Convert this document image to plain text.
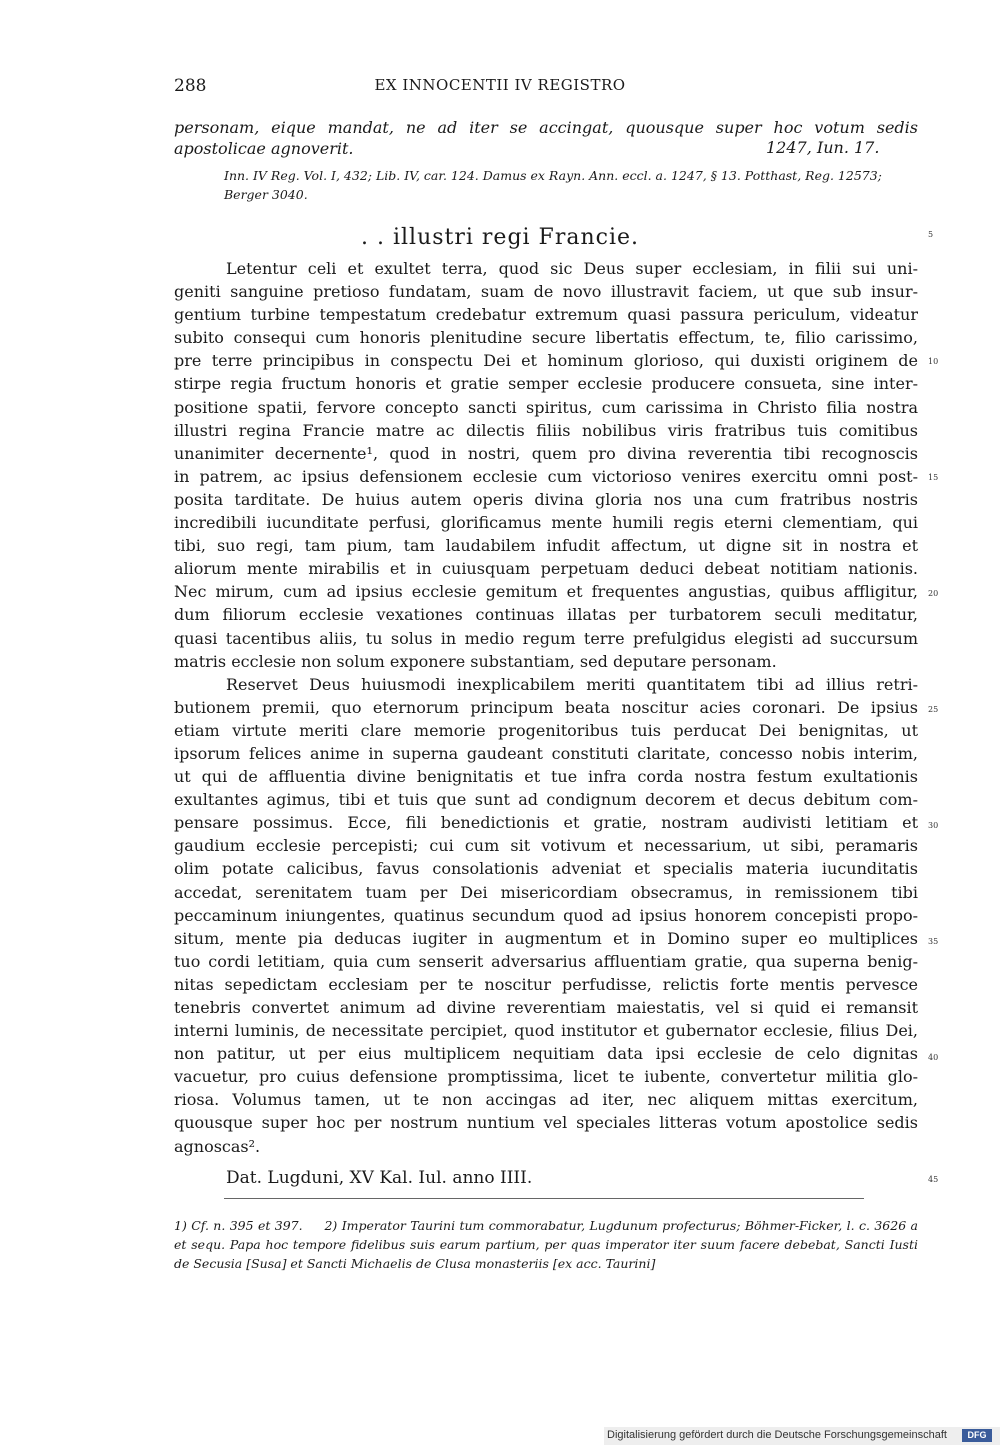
288	EX INNOCENTII IV REGISTRO
personam, eique mandat, ne ad iter se accingat, quousque super hoc votum sedis apostolicae agnoverit.	1247, Iun. 17.
Inn. IV Reg. Vol. I, 432; Lib. IV, car. 124. Damus ex Rayn. Ann. eccl. a. 1247, § 13. Potthast, Reg. 12573; Berger 3040.
. . illustri regi Francie.
Letentur celi et exultet terra, quod sic Deus super ecclesiam, in filii sui uni-
geniti sanguine pretioso fundatam, suam de novo illustravit faciem, ut que sub insur-
gentium turbine tempestatum credebatur extremum quasi passura periculum, videatur
subito consequi cum honoris plenitudine secure libertatis effectum, te, filio carissimo,
pre terre principibus in conspectu Dei et hominum glorioso, qui duxisti originem de
stirpe regia fructum honoris et gratie semper ecclesie producere consueta, sine inter-
positione spatii, fervore concepto sancti spiritus, cum carissima in Christo filia nostra
illustri regina Francie matre ac dilectis filiis nobilibus viris fratribus tuis comitibus
unanimiter decernente¹, quod in nostri, quem pro divina reverentia tibi recognoscis
in patrem, ac ipsius defensionem ecclesie cum victorioso venires exercitu omni post-
posita tarditate. De huius autem operis divina gloria nos una cum fratribus nostris
incredibili iucunditate perfusi, glorificamus mente humili regis eterni clementiam, qui
tibi, suo regi, tam pium, tam laudabilem infudit affectum, ut digne sit in nostra et
aliorum mente mirabilis et in cuiusquam perpetuam deduci debeat notitiam nationis.
Nec mirum, cum ad ipsius ecclesie gemitum et frequentes angustias, quibus affligitur,
dum filiorum ecclesie vexationes continuas illatas per turbatorem seculi meditatur,
quasi tacentibus aliis, tu solus in medio regum terre prefulgidus elegisti ad succursum
matris ecclesie non solum exponere substantiam, sed deputare personam.
Reservet Deus huiusmodi inexplicabilem meriti quantitatem tibi ad illius retri-
butionem premii, quo eternorum principum beata noscitur acies coronari. De ipsius
etiam virtute meriti clare memorie progenitoribus tuis perducat Dei benignitas, ut
ipsorum felices anime in superna gaudeant constituti claritate, concesso nobis interim,
ut qui de affluentia divine benignitatis et tue infra corda nostra festum exultationis
exultantes agimus, tibi et tuis que sunt ad condignum decorem et decus debitum com-
pensare possimus. Ecce, fili benedictionis et gratie, nostram audivisti letitiam et
gaudium ecclesie percepisti; cui cum sit votivum et necessarium, ut sibi, peramaris
olim potate calicibus, favus consolationis adveniat et specialis materia iucunditatis
accedat, serenitatem tuam per Dei misericordiam obsecramus, in remissionem tibi
peccaminum iniungentes, quatinus secundum quod ad ipsius honorem concepisti propo-
situm, mente pia deducas iugiter in augmentum et in Domino super eo multiplices
tuo cordi letitiam, quia cum senserit adversarius affluentiam gratie, qua superna benig-
nitas sepedictam ecclesiam per te noscitur perfudisse, relictis forte mentis pervesce
tenebris convertet animum ad divine reverentiam maiestatis, vel si quid ei remansit
interni luminis, de necessitate percipiet, quod institutor et gubernator ecclesie, filius Dei,
non patitur, ut per eius multiplicem nequitiam data ipsi ecclesie de celo dignitas
vacuetur, pro cuius defensione promptissima, licet te iubente, convertetur militia glo-
riosa. Volumus tamen, ut te non accingas ad iter, nec aliquem mittas exercitum,
quousque super hoc per nostrum nuntium vel speciales litteras votum apostolice sedis
agnoscas².
5
10
15
20
25
30
35
40
45
Dat. Lugduni, XV Kal. Iul. anno IIII.
1) Cf. n. 395 et 397. 2) Imperator Taurini tum commorabatur, Lugdunum profecturus; Böhmer-Ficker, l. c. 3626 a et sequ. Papa hoc tempore fidelibus suis earum partium, per quas imperator iter suum facere debebat, Sancti Iusti de Secusia [Susa] et Sancti Michaelis de Clusa monasteriis [ex acc. Taurini]
Digitalisierung gefördert durch die Deutsche Forschungsgemeinschaft	DFG
